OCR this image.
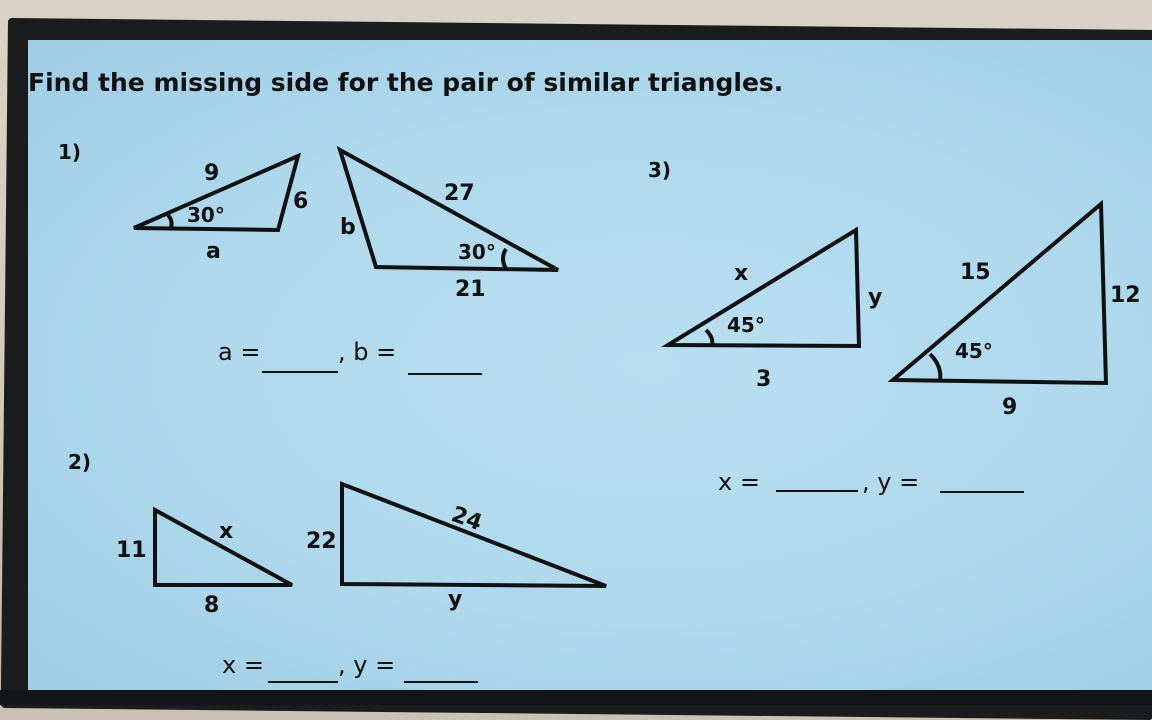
Find the missing side for the pair of similar triangles.
1)
2)
3)
30°
9
6
a	30°
27
b
21
a =	, b =
11
x
8
22
24
y
x =	, y =
45°
x
y
3
45°
15
12
9
x =	, y =
